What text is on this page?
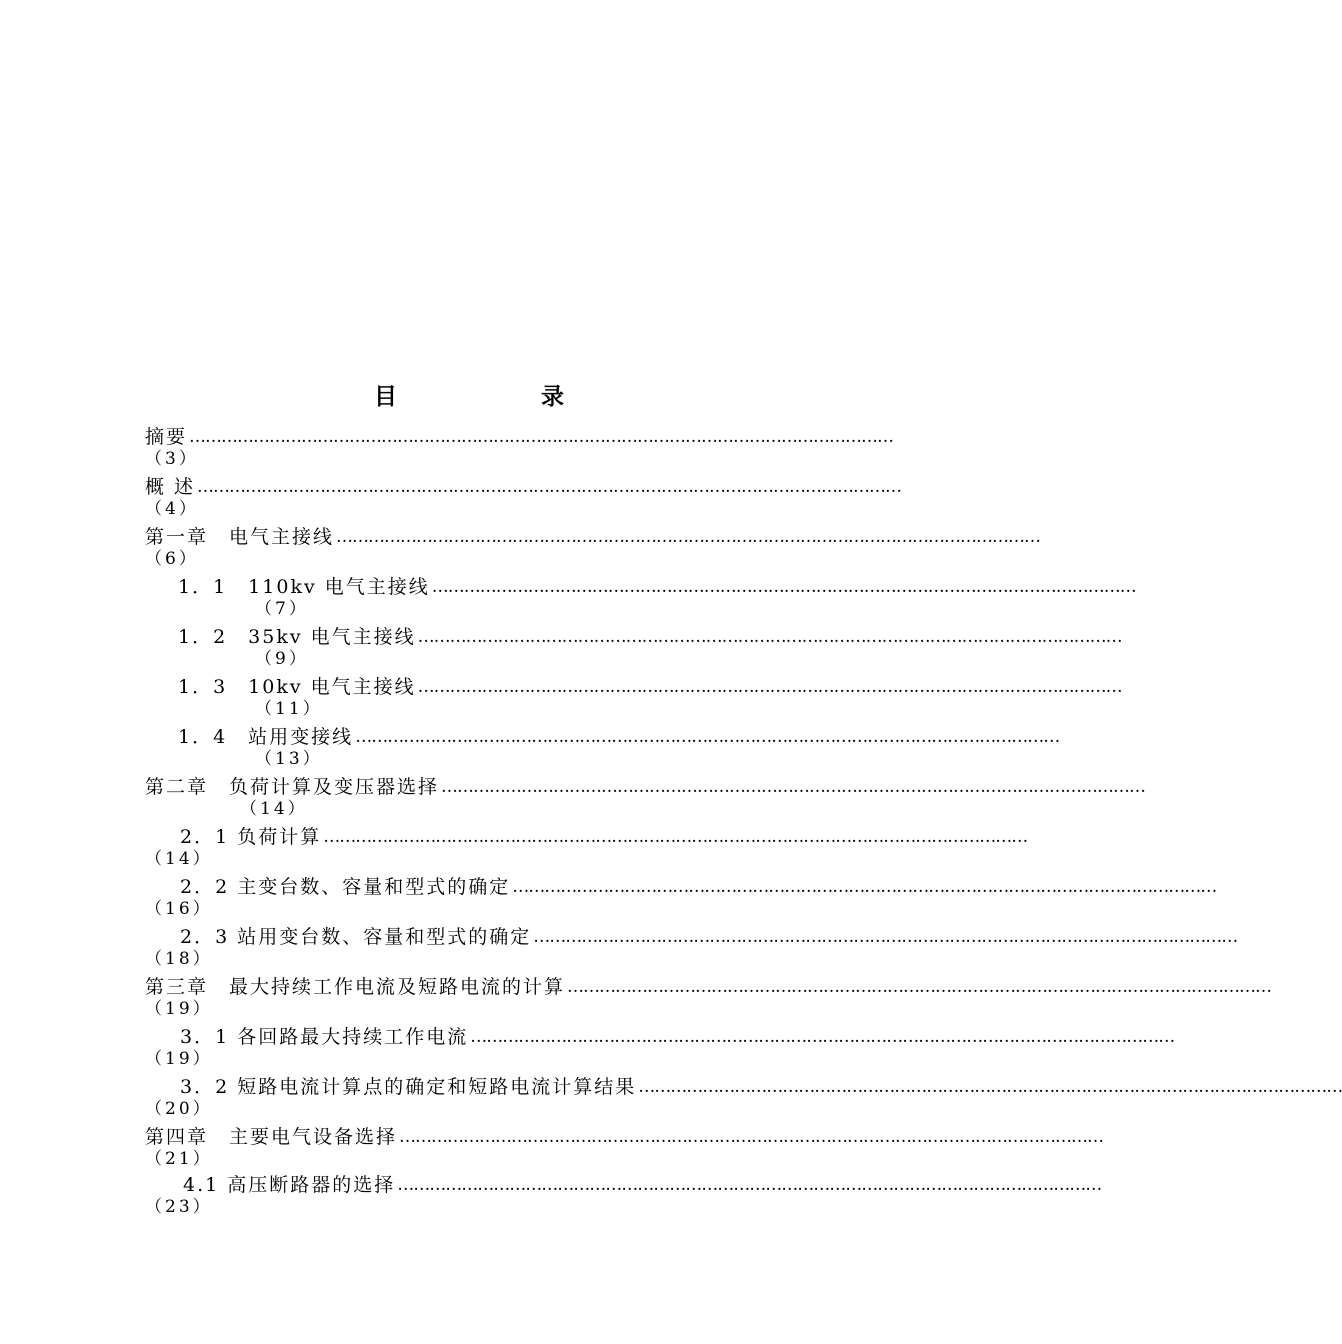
目	录
摘要 ……………………………………………………………………………………………………………………
（3）
概 述 ……………………………………………………………………………………………………………………
（4）
第一章　电气主接线 ……………………………………………………………………………………………………………………
（6）
1．1　110kv 电气主接线 ……………………………………………………………………………………………………………………
（7）
1．2　35kv 电气主接线 ……………………………………………………………………………………………………………………
（9）
1．3　10kv 电气主接线 ……………………………………………………………………………………………………………………
（11）
1．4　站用变接线 ……………………………………………………………………………………………………………………
（13）
第二章　负荷计算及变压器选择 ……………………………………………………………………………………………………………………
（14）
2．1 负荷计算 ……………………………………………………………………………………………………………………
（14）
2．2 主变台数、容量和型式的确定 ……………………………………………………………………………………………………………………
（16）
2．3 站用变台数、容量和型式的确定 ……………………………………………………………………………………………………………………
（18）
第三章　最大持续工作电流及短路电流的计算 ……………………………………………………………………………………………………………………
（19）
3．1 各回路最大持续工作电流 ……………………………………………………………………………………………………………………
（19）
3．2 短路电流计算点的确定和短路电流计算结果 ……………………………………………………………………………………………………………………
（20）
第四章　主要电气设备选择 ……………………………………………………………………………………………………………………
（21）
4.1 高压断路器的选择 ……………………………………………………………………………………………………………………
（23）
